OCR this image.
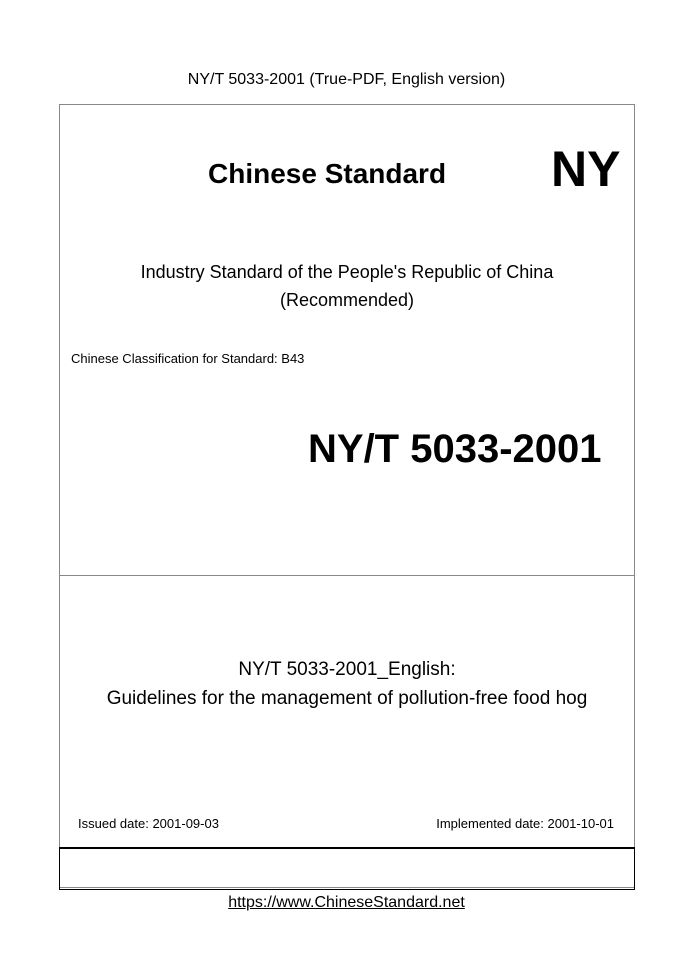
NY/T 5033-2001 (True-PDF, English version)
Chinese Standard NY
Industry Standard of the People's Republic of China
(Recommended)
Chinese Classification for Standard: B43
NY/T 5033-2001
NY/T 5033-2001_English:
Guidelines for the management of pollution-free food hog
Issued date: 2001-09-03	Implemented date: 2001-10-01
https://www.ChineseStandard.net
